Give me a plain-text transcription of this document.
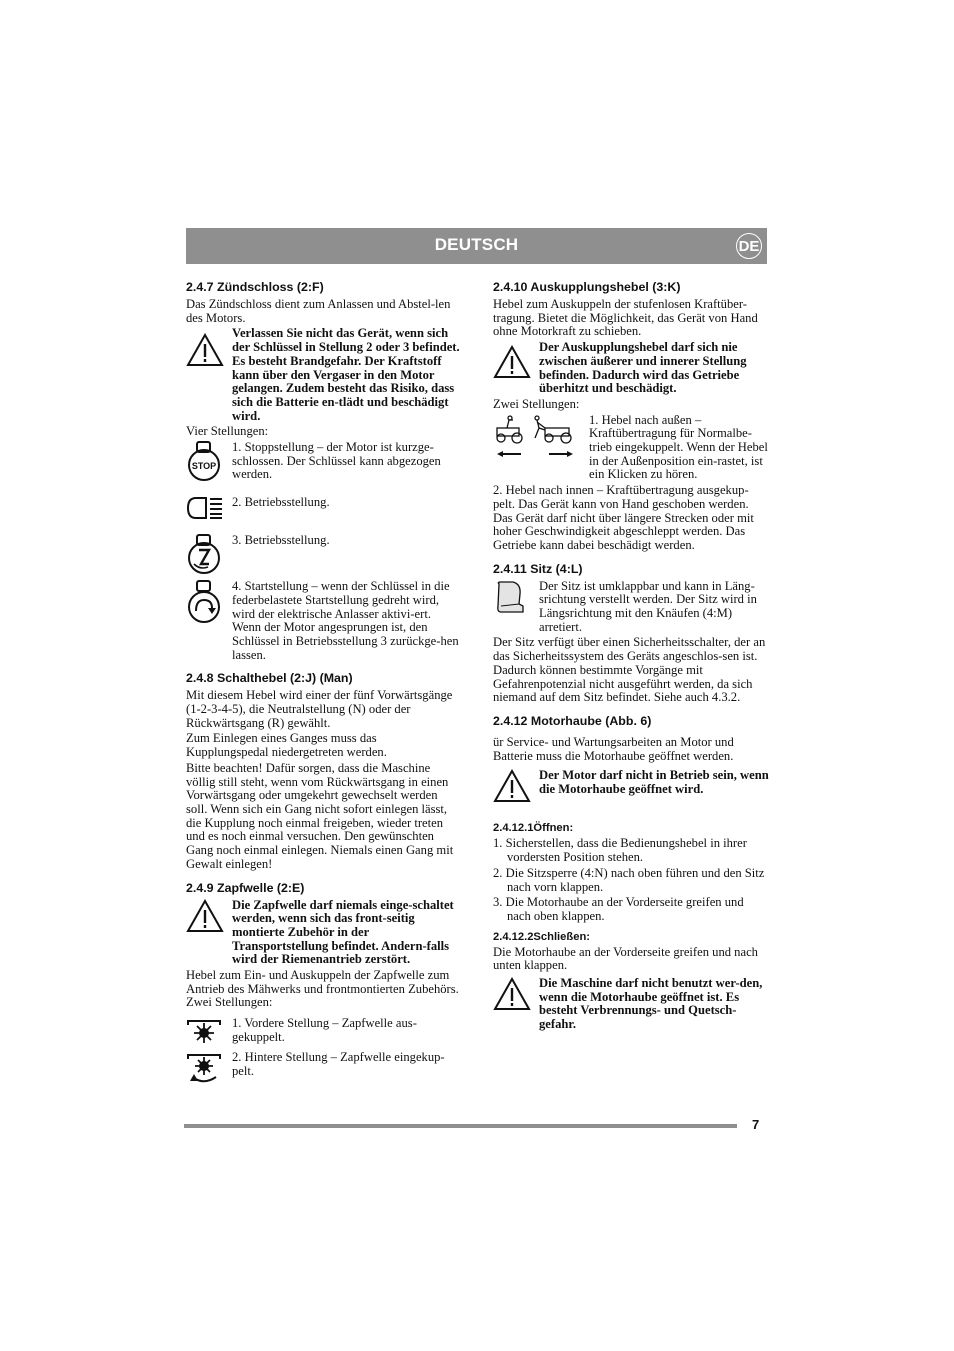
DEUTSCH	DE
2.4.7 Zündschloss (2:F)

Das Zündschloss dient zum Anlassen und Abstel-len des Motors.

Verlassen Sie nicht das Gerät, wenn sich der Schlüssel in Stellung 2 oder 3 befindet. Es besteht Brandgefahr. Der Kraftstoff kann über den Vergaser in den Motor gelangen. Zudem besteht das Risiko, dass sich die Batterie en-tlädt und beschädigt wird.

Vier Stellungen:

STOP
1. Stoppstellung – der Motor ist kurzge-schlossen. Der Schlüssel kann abgezogen werden.
2. Betriebsstellung.
3. Betriebsstellung.
4. Startstellung – wenn der Schlüssel in die federbelastete Startstellung gedreht wird, wird der elektrische Anlasser aktivi-ert. Wenn der Motor angesprungen ist, den Schlüssel in Betriebsstellung 3 zurückge-hen lassen.
2.4.8 Schalthebel (2:J) (Man)

Mit diesem Hebel wird einer der fünf Vorwärtsgänge (1-2-3-4-5), die Neutralstellung (N) oder der Rückwärtsgang (R) gewählt.

Zum Einlegen eines Ganges muss das Kupplungspedal niedergetreten werden.

Bitte beachten! Dafür sorgen, dass die Maschine völlig still steht, wenn vom Rückwärtsgang in einen Vorwärtsgang oder umgekehrt gewechselt werden soll. Wenn sich ein Gang nicht sofort einlegen lässt, die Kupplung noch einmal freigeben, wieder treten und es noch einmal versuchen. Den gewünschten Gang noch einmal einlegen. Niemals einen Gang mit Gewalt einlegen!

2.4.9 Zapfwelle (2:E)
Die Zapfwelle darf niemals einge-schaltet werden, wenn sich das front-seitig montierte Zubehör in der Transportstellung befindet. Andern-falls wird der Riemenantrieb zerstört.

Hebel zum Ein- und Auskuppeln der Zapfwelle zum Antrieb des Mähwerks und frontmontierten Zubehörs. Zwei Stellungen:

1. Vordere Stellung – Zapfwelle aus-gekuppelt.
2. Hintere Stellung – Zapfwelle eingekup-pelt.
2.4.10 Auskupplungshebel (3:K)

Hebel zum Auskuppeln der stufenlosen Kraftüber-tragung. Bietet die Möglichkeit, das Gerät von Hand ohne Motorkraft zu schieben.

Der Auskupplungshebel darf sich nie zwischen äußerer und innerer Stellung befinden. Dadurch wird das Getriebe überhitzt und beschädigt.

Zwei Stellungen:

1. Hebel nach außen – Kraftübertragung für Normalbe-trieb eingekuppelt. Wenn der Hebel in der Außenposition ein-rastet, ist ein Klicken zu hören.

2. Hebel nach innen – Kraftübertragung ausgekup-pelt. Das Gerät kann von Hand geschoben werden. Das Gerät darf nicht über längere Strecken oder mit hoher Geschwindigkeit abgeschleppt werden. Das Getriebe kann dabei beschädigt werden.

2.4.11 Sitz (4:L)
Der Sitz ist umklappbar und kann in Läng-srichtung verstellt werden. Der Sitz wird in Längsrichtung mit den Knäufen (4:M) arretiert.

Der Sitz verfügt über einen Sicherheitsschalter, der an das Sicherheitssystem des Geräts angeschlos-sen ist. Dadurch können bestimmte Vorgänge mit Gefahrenpotenzial nicht ausgeführt werden, da sich niemand auf dem Sitz befindet. Siehe auch 4.3.2.

2.4.12 Motorhaube (Abb. 6)

ür Service- und Wartungsarbeiten an Motor und Batterie muss die Motorhaube geöffnet werden.

Der Motor darf nicht in Betrieb sein, wenn die Motorhaube geöffnet wird.
2.4.12.1Öffnen:
1. Sicherstellen, dass die Bedienungshebel in ihrer vordersten Position stehen.
2. Die Sitzsperre (4:N) nach oben führen und den Sitz nach vorn klappen.
3. Die Motorhaube an der Vorderseite greifen und nach oben klappen.
2.4.12.2Schließen:

Die Motorhaube an der Vorderseite greifen und nach unten klappen.

Die Maschine darf nicht benutzt wer-den, wenn die Motorhaube geöffnet ist. Es besteht Verbrennungs- und Quetsch-gefahr.
7
